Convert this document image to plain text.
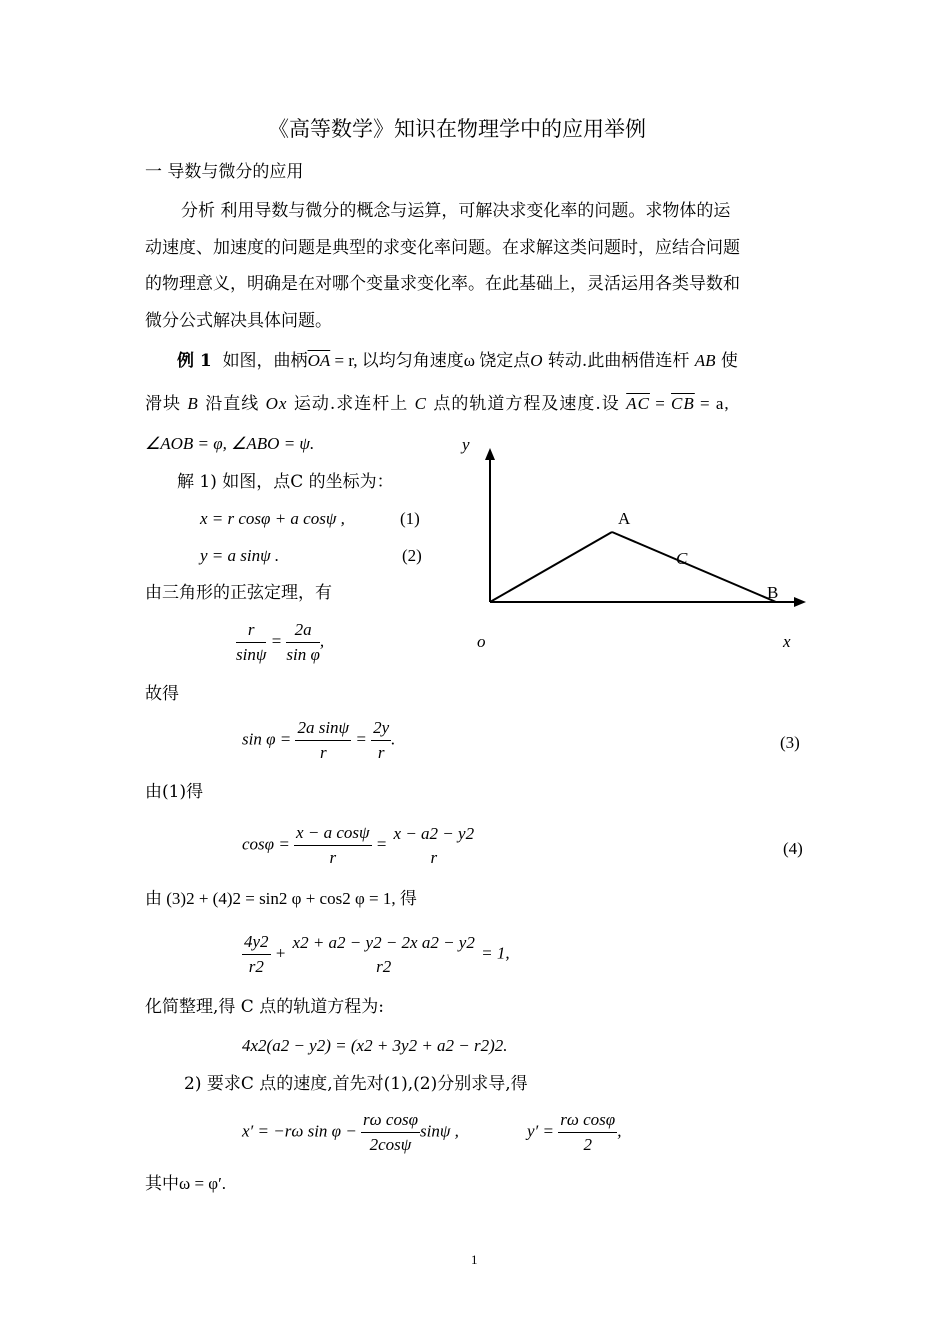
《高等数学》知识在物理学中的应用举例
一 导数与微分的应用
分析 利用导数与微分的概念与运算，可解决求变化率的问题。求物体的运
动速度、加速度的问题是典型的求变化率问题。在求解这类问题时，应结合问题
的物理意义，明确是在对哪个变量求变化率。在此基础上，灵活运用各类导数和
微分公式解决具体问题。
例 1 如图，曲柄$\overline{OA} = r$, 以均匀角速度ω 饶定点O 转动.此曲柄借连杆 AB 使
滑块 B 沿直线 Ox 运动.求连杆上 C 点的轨道方程及速度.设 $\overline{AC} = \overline{CB} = a$,
∠AOB = φ, ∠ABO = ψ.
解 1) 如图，点C 的坐标为：
x = r cosφ + a cosψ ,	(1)
y = a sinψ .	(2)
由三角形的正弦定理，有
$\frac{r}{\sin\psi} = \frac{2a}{\text{sin φ}}$ ,
故得
$\sin \varphi = \frac{\text{2a sinψ}}{r} = \frac{2y}{r}$ .	(3)
由(1)得
$\cos\varphi = \frac{\text{x − a cosψ}}{r}$ =
x − a2 − y2
r	(4)
由 (3)2 + (4)2 = sin2 φ + cos2 φ = 1, 得
$\frac{4y2}{r2}$ +
x2 + a2 − y2 − 2x a2 − y2
r2
= 1,
化简整理,得 C 点的轨道方程为:
4x2(a2 − y2) = (x2 + 3y2 + a2 − r2)2.
2) 要求C 点的速度,首先对(1),(2)分别求导,得
x′ = −rω $\sin \varphi - \frac{\text{rω cosφ}}{2\cos\psi}$ sinψ ,	$y' = \frac{\text{rω cosφ}}{2}$ ,
其中ω = φ′.
y
x
o
A
B
C
1
